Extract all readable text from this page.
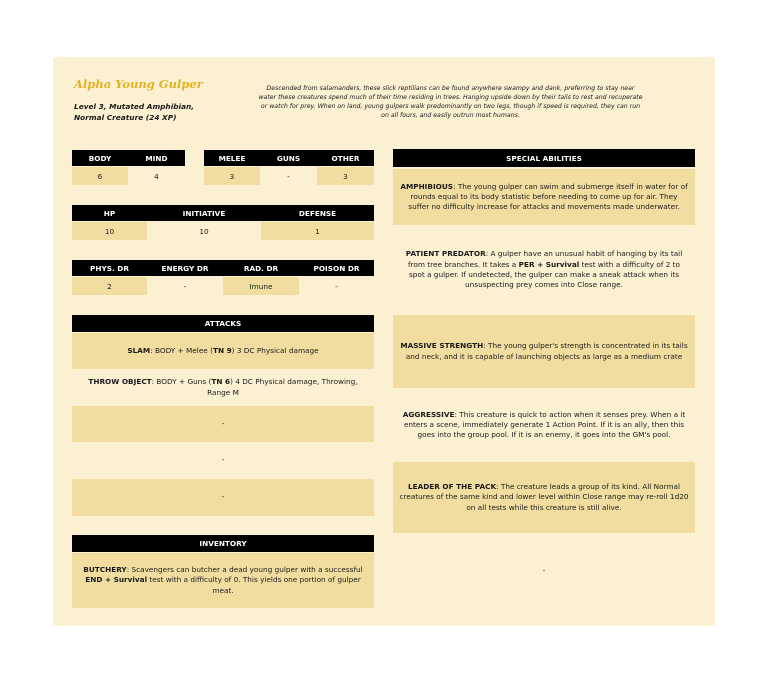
Alpha Young Gulper
Level 3, Mutated Amphibian,
Normal Creature (24 XP)
Descended from salamanders, these slick reptilians can be found anywhere swampy and dank, preferring to stay near water these creatures spend much of their time residing in trees. Hanging upside down by their tails to rest and recuperate or watch for prey. When on land, young gulpers walk predominantly on two legs, though if speed is required, they can run on all fours, and easily outrun most humans.
BODY	MIND
6	4
MELEE	GUNS	OTHER
3	-	3
HP	INITIATIVE	DEFENSE
10	10	1
PHYS. DR	ENERGY DR	RAD. DR	POISON DR
2	-	Imune	-
ATTACKS
SLAM: BODY + Melee (TN 9) 3 DC Physical damage
THROW OBJECT: BODY + Guns (TN 6) 4 DC Physical damage, Throwing, Range M
-
-
-
INVENTORY
BUTCHERY: Scavengers can butcher a dead young gulper with a successful END + Survival test with a difficulty of 0. This yields one portion of gulper meat.
SPECIAL ABILITIES
AMPHIBIOUS: The young gulper can swim and submerge itself in water for of rounds equal to its body statistic before needing to come up for air. They suffer no difficulty increase for attacks and movements made underwater.
PATIENT PREDATOR: A gulper have an unusual habit of hanging by its tail from tree branches. It takes a PER + Survival test with a difficulty of 2 to spot a gulper. If undetected, the gulper can make a sneak attack when its unsuspecting prey comes into Close range.
MASSIVE STRENGTH: The young gulper's strength is concentrated in its tails and neck, and it is capable of launching objects as large as a medium crate
AGGRESSIVE: This creature is quick to action when it senses prey. When a it enters a scene, immediately generate 1 Action Point. If it is an ally, then this goes into the group pool. If it is an enemy, it goes into the GM's pool.
LEADER OF THE PACK: The creature leads a group of its kind. All Normal creatures of the same kind and lower level within Close range may re-roll 1d20 on all tests while this creature is still alive.
-
